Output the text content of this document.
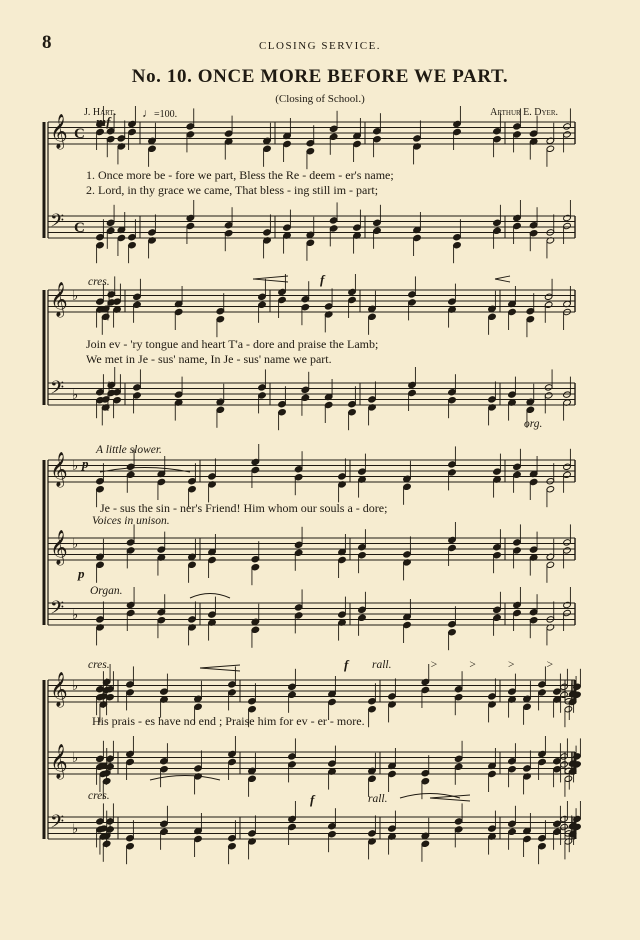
8	CLOSING SERVICE.
No. 10. ONCE MORE BEFORE WE PART.
(Closing of School.)
J. Hart. ♩=100.	Arthur E. Dyer.
𝄞 C
𝄢 C
𝄞 ♭
𝄢 ♭
𝄞 ♭
𝄞 ♭
𝄢 ♭
𝄞 ♭
𝄞 ♭
𝄢 ♭
1. Once more be - fore we part, Bless the Re - deem - er's name;
2. Lord, in thy grace we came, That bless - ing still im - part;
Join ev - 'ry tongue and heart T'a - dore and praise the Lamb;
We met in Je - sus' name, In Je - sus' name we part.
Je - sus the sin - ner's Friend! Him whom our souls a - dore;
His prais - es have no end ; Praise him for ev - er - more.
mf
cres.	f
org.
A little slower.
p
Voices in unison.
p
Organ.
cres.	f rall.	> > > >
cres.	f	rall.
